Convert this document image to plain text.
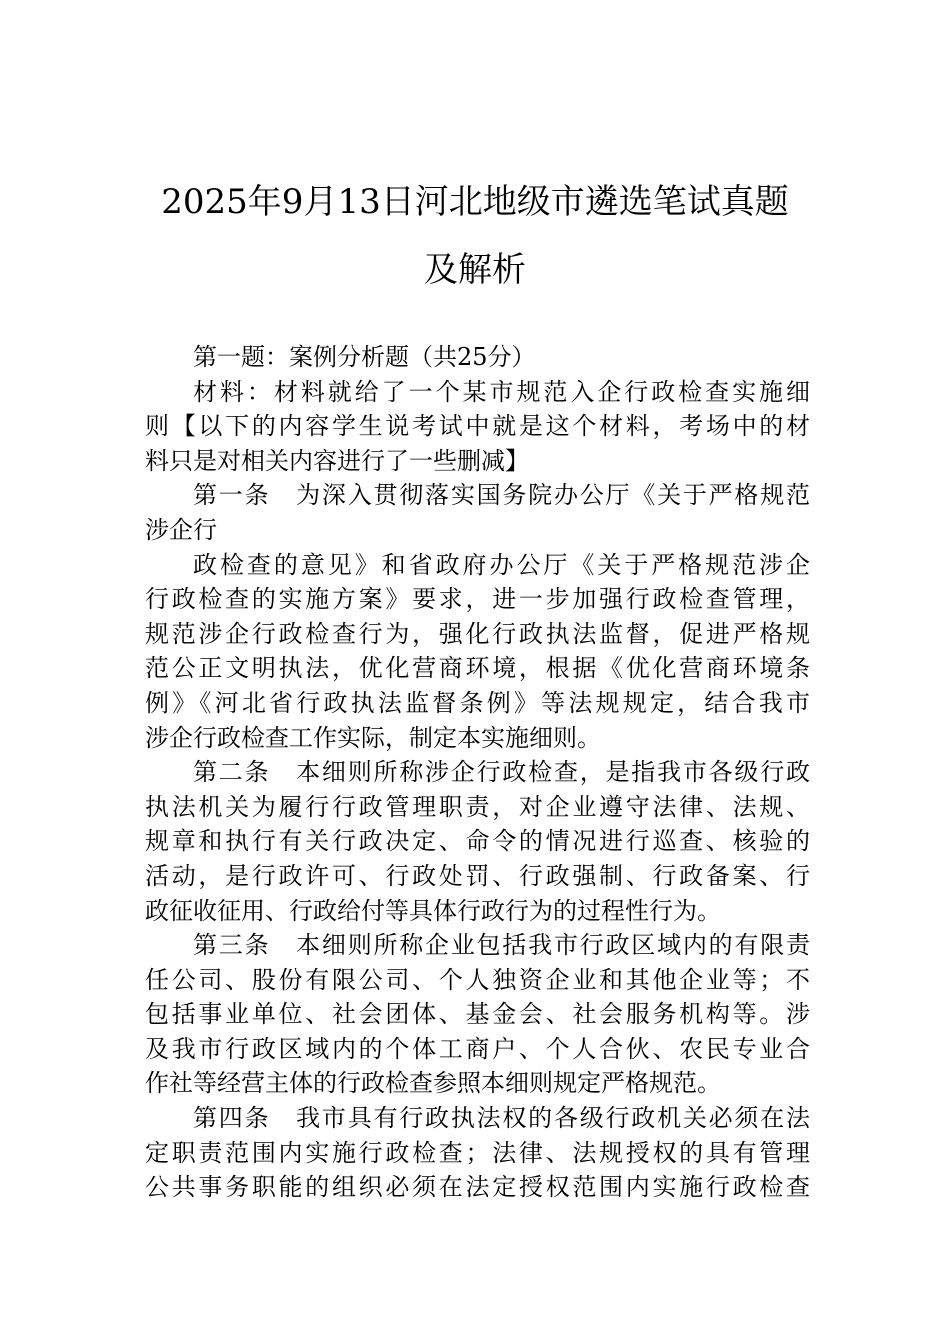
2025年9月13日河北地级市遴选笔试真题
及解析
第一题：案例分析题（共25分）
材料：材料就给了一个某市规范入企行政检查实施细
则【以下的内容学生说考试中就是这个材料，考场中的材
料只是对相关内容进行了一些删减】
第一条　为深入贯彻落实国务院办公厅《关于严格规范
涉企行
政检查的意见》和省政府办公厅《关于严格规范涉企
行政检查的实施方案》要求，进一步加强行政检查管理，
规范涉企行政检查行为，强化行政执法监督，促进严格规
范公正文明执法，优化营商环境，根据《优化营商环境条
例》《河北省行政执法监督条例》等法规规定，结合我市
涉企行政检查工作实际，制定本实施细则。
第二条　本细则所称涉企行政检查，是指我市各级行政
执法机关为履行行政管理职责，对企业遵守法律、法规、
规章和执行有关行政决定、命令的情况进行巡查、核验的
活动，是行政许可、行政处罚、行政强制、行政备案、行
政征收征用、行政给付等具体行政行为的过程性行为。
第三条　本细则所称企业包括我市行政区域内的有限责
任公司、股份有限公司、个人独资企业和其他企业等；不
包括事业单位、社会团体、基金会、社会服务机构等。涉
及我市行政区域内的个体工商户、个人合伙、农民专业合
作社等经营主体的行政检查参照本细则规定严格规范。
第四条　我市具有行政执法权的各级行政机关必须在法
定职责范围内实施行政检查；法律、法规授权的具有管理
公共事务职能的组织必须在法定授权范围内实施行政检查
